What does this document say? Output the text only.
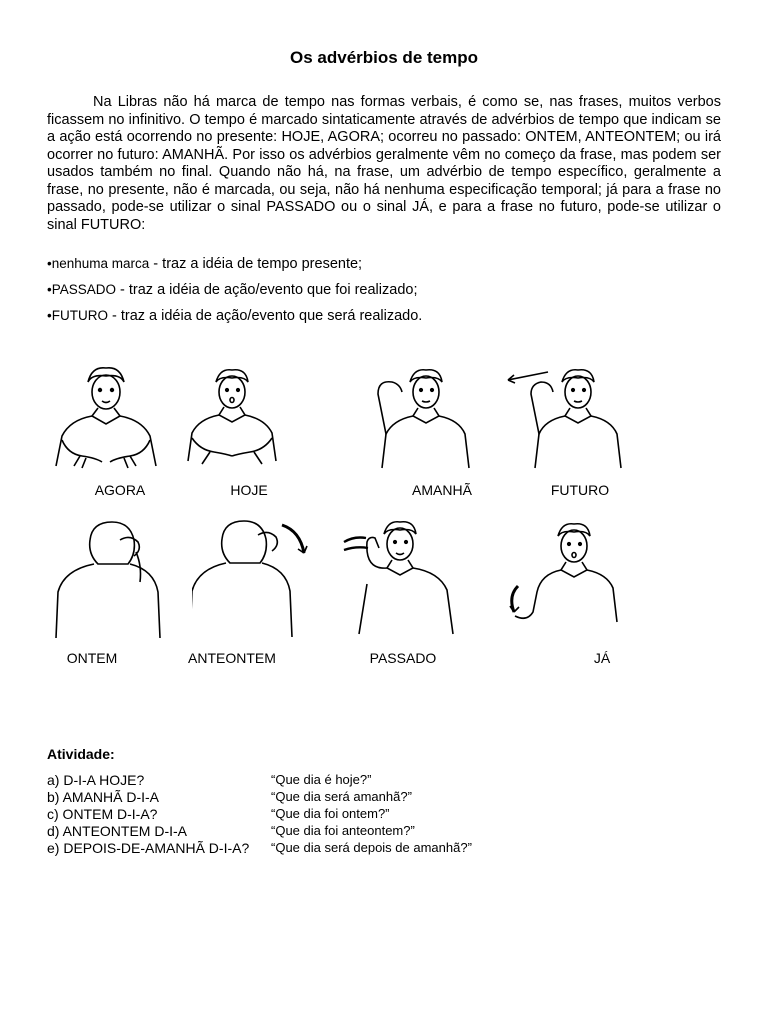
Os advérbios de tempo

Na Libras não há marca de tempo nas formas verbais, é como se, nas frases, muitos verbos ficassem no infinitivo. O tempo é marcado sintaticamente através de advérbios de tempo que indicam se a ação está ocorrendo no presente: HOJE, AGORA; ocorreu no passado: ONTEM, ANTEONTEM; ou irá ocorrer no futuro: AMANHÃ. Por isso os advérbios geralmente vêm no começo da frase, mas podem ser usados também no final. Quando não há, na frase, um advérbio de tempo específico, geralmente a frase, no presente, não é marcada, ou seja, não há nenhuma especificação temporal; já para a frase no passado, pode-se utilizar o sinal PASSADO ou o sinal JÁ, e para a frase no futuro, pode-se utilizar o sinal FUTURO:

•nenhuma marca - traz a idéia de tempo presente;
•PASSADO - traz a idéia de ação/evento que foi realizado;
•FUTURO - traz a idéia de ação/evento que será realizado.
AGORA	HOJE	AMANHÃ	FUTURO
ONTEM	ANTEONTEM	PASSADO	JÁ
Atividade:
a) D-I-A HOJE?	“Que dia é hoje?”
b) AMANHÃ D-I-A	“Que dia será amanhã?”
c) ONTEM D-I-A?	“Que dia foi ontem?”
d) ANTEONTEM D-I-A	“Que dia foi anteontem?”
e) DEPOIS-DE-AMANHÃ D-I-A? “Que dia será depois de amanhã?”
